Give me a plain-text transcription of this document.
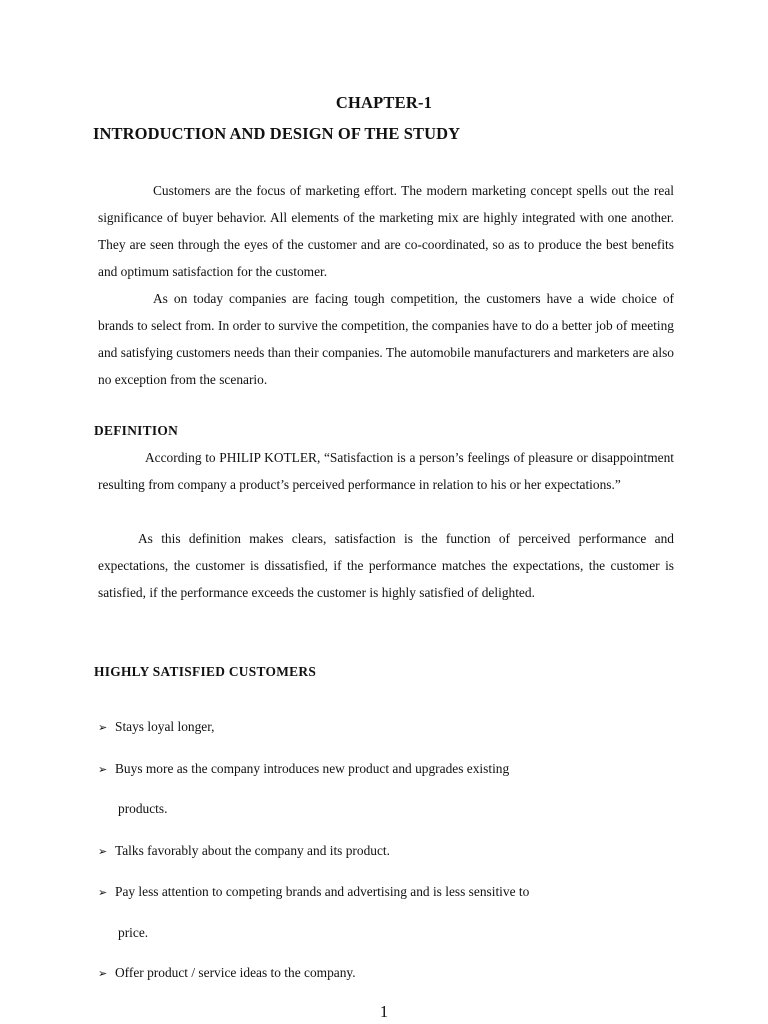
CHAPTER-1
INTRODUCTION AND DESIGN OF THE STUDY

Customers are the focus of marketing effort. The modern marketing concept spells out the real significance of buyer behavior. All elements of the marketing mix are highly integrated with one another. They are seen through the eyes of the customer and are co-coordinated, so as to produce the best benefits and optimum satisfaction for the customer.

As on today companies are facing tough competition, the customers have a wide choice of brands to select from. In order to survive the competition, the companies have to do a better job of meeting and satisfying customers needs than their companies. The automobile manufacturers and marketers are also no exception from the scenario.

DEFINITION

According to PHILIP KOTLER, “Satisfaction is a person’s feelings of pleasure or disappointment resulting from company a product’s perceived performance in relation to his or her expectations.”

As this definition makes clears, satisfaction is the function of perceived performance and expectations, the customer is dissatisfied, if the performance matches the expectations, the customer is satisfied, if the performance exceeds the customer is highly satisfied of delighted.

HIGHLY SATISFIED CUSTOMERS
➢ Stays loyal longer,
➢ Buys more as the company introduces new product and upgrades existing
products.
➢ Talks favorably about the company and its product.
➢ Pay less attention to competing brands and advertising and is less sensitive to
price.
➢ Offer product / service ideas to the company.
1
